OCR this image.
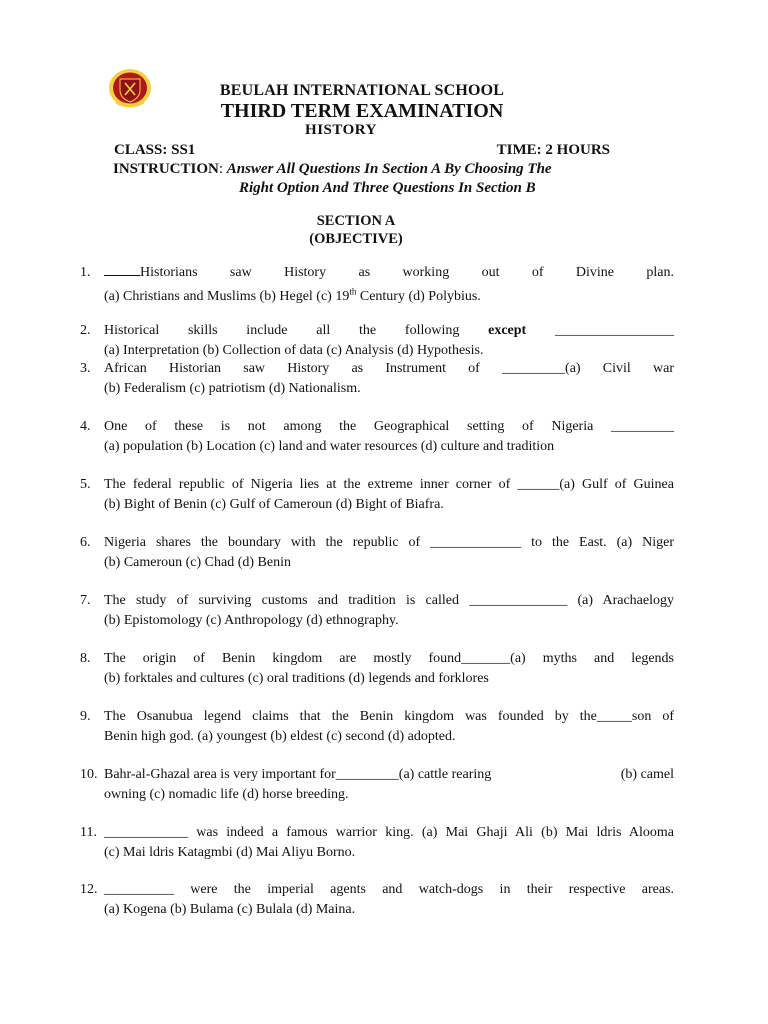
BEULAH INTERNATIONAL SCHOOL
THIRD TERM EXAMINATION
HISTORY
CLASS: SS1	TIME: 2 HOURS
INSTRUCTION: Answer All Questions In Section A By Choosing The
Right Option And Three Questions In Section B
SECTION A
(OBJECTIVE)
1.	Historians saw History as working out of Divine plan.
(a) Christians and Muslims (b) Hegel (c) 19th Century (d) Polybius.
2. Historical skills include all the following except _________________
(a) Interpretation (b) Collection of data (c) Analysis (d) Hypothesis.
3. African Historian saw History as Instrument of _________(a) Civil war
(b) Federalism (c) patriotism (d) Nationalism.
4. One of these is not among the Geographical setting of Nigeria _________
(a) population (b) Location (c) land and water resources (d) culture and tradition
5. The federal republic of Nigeria lies at the extreme inner corner of ______(a) Gulf of Guinea
(b) Bight of Benin (c) Gulf of Cameroun (d) Bight of Biafra.
6. Nigeria shares the boundary with the republic of _____________ to the East. (a) Niger
(b) Cameroun (c) Chad (d) Benin
7. The study of surviving customs and tradition is called ______________ (a) Arachaelogy
(b) Epistomology (c) Anthropology (d) ethnography.
8. The origin of Benin kingdom are mostly found_______(a) myths and legends
(b) forktales and cultures (c) oral traditions (d) legends and forklores
9. The Osanubua legend claims that the Benin kingdom was founded by the_____son of
Benin high god. (a) youngest (b) eldest (c) second (d) adopted.
10. Bahr-al-Ghazal area is very important for_________(a) cattle rearing	(b) camel
owning (c) nomadic life (d) horse breeding.
11. ____________ was indeed a famous warrior king. (a) Mai Ghaji Ali (b) Mai ldris Alooma
(c) Mai ldris Katagmbi (d) Mai Aliyu Borno.
12. __________ were the imperial agents and watch-dogs in their respective areas.
(a) Kogena (b) Bulama (c) Bulala (d) Maina.
